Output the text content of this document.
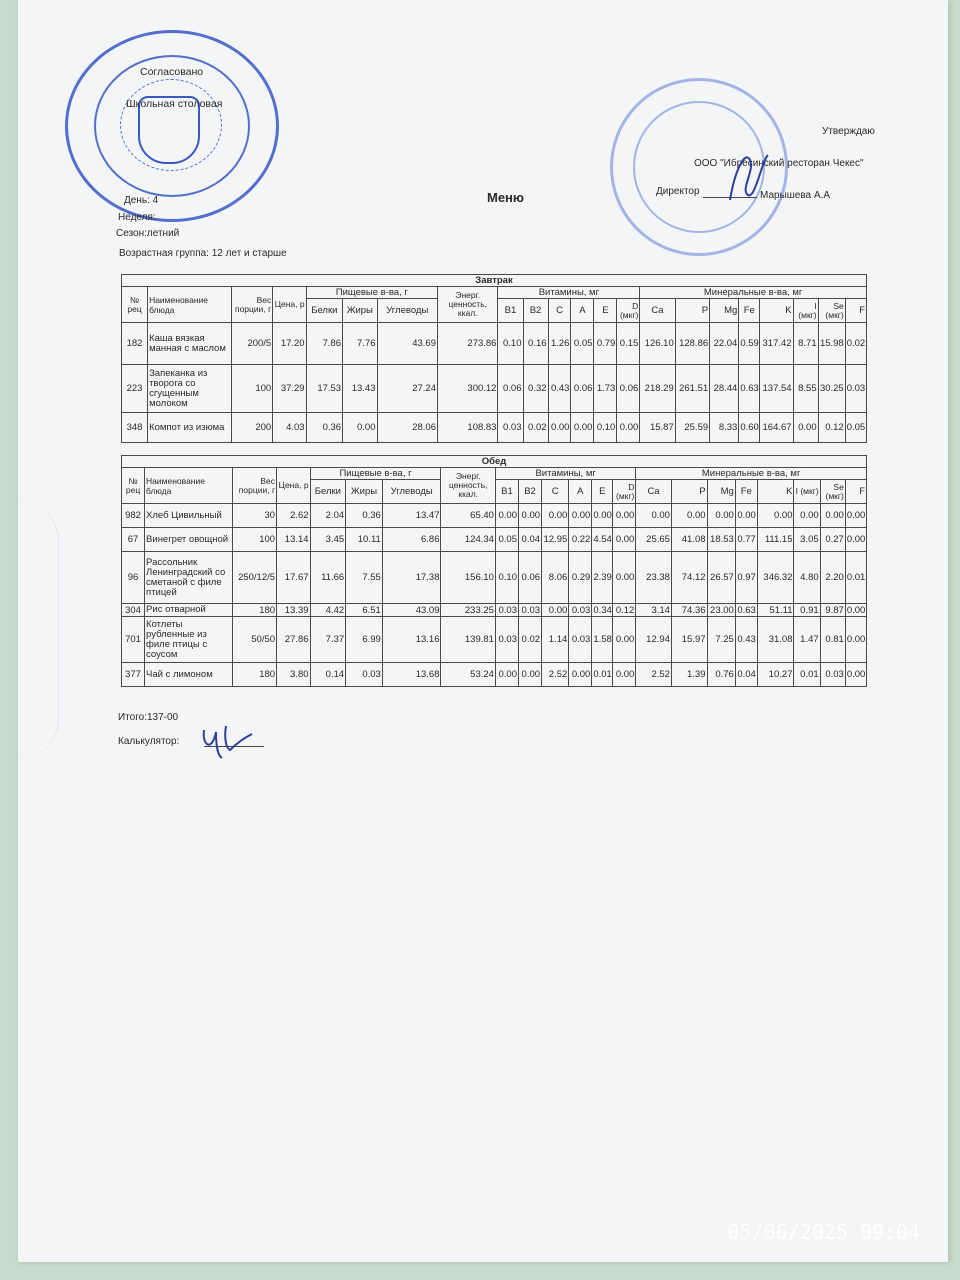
Согласовано
Школьная столовая
День: 4
Неделя:
Сезон:летний
Возрастная группа: 12 лет и старше
Утверждаю
ООО "Ибресинский ресторан Чекес"
Директор	Марышева А.А
Меню
Завтрак																					
№ рец	Наименование блюда	Вес порции, г	Цена, р	Пищевые в-ва, г			Энерг. ценность, ккал.	Витамины, мг						Минеральные в-ва, мг							
				Белки	Жиры	Углеводы		B1	B2	C	A	E	D (мкг)	Ca	P	Mg	Fe	K	I (мкг)	Se (мкг)	F
182	Каша вязкая манная с маслом	200/5	17.20	7.86	7.76	43.69	273.86	0.10	0.16	1.26	0.05	0.79	0.15	126.10	128.86	22.04	0.59	317.42	8.71	15.98	0.02
223	Запеканка из творога со сгущенным молоком	100	37.29	17.53	13.43	27.24	300.12	0.06	0.32	0.43	0.06	1.73	0.06	218.29	261.51	28.44	0.63	137.54	8.55	30.25	0.03
348	Компот из изюма	200	4.03	0.36	0.00	28.06	108.83	0.03	0.02	0.00	0.00	0.10	0.00	15.87	25.59	8.33	0.60	164.67	0.00	0.12	0.05
Обед																					
№ рец	Наименование блюда	Вес порции, г	Цена, р	Пищевые в-ва, г			Энерг. ценность, ккал.	Витамины, мг						Минеральные в-ва, мг							
				Белки	Жиры	Углеводы		B1	B2	C	A	E	D (мкг)	Ca	P	Mg	Fe	K	I (мкг)	Se (мкг)	F
982	Хлеб Цивильный	30	2.62	2.04	0.36	13.47	65.40	0.00	0.00	0.00	0.00	0.00	0.00	0.00	0.00	0.00	0.00	0.00	0.00	0.00	0.00
67	Винегрет овощной	100	13.14	3.45	10.11	6.86	124.34	0.05	0.04	12.95	0.22	4.54	0.00	25.65	41.08	18.53	0.77	111.15	3.05	0.27	0.00
96	Рассольник Ленинградский со сметаной с филе птицей	250/12/5	17.67	11.66	7.55	17.38	156.10	0.10	0.06	8.06	0.29	2.39	0.00	23.38	74.12	26.57	0.97	346.32	4.80	2.20	0.01
304	Рис отварной	180	13.39	4.42	6.51	43.09	233.25	0.03	0.03	0.00	0.03	0.34	0.12	3.14	74.36	23.00	0.63	51.11	0.91	9.87	0.00
701	Котлеты рубленные из филе птицы с соусом	50/50	27.86	7.37	6.99	13.16	139.81	0.03	0.02	1.14	0.03	1.58	0.00	12.94	15.97	7.25	0.43	31.08	1.47	0.81	0.00
377	Чай с лимоном	180	3.80	0.14	0.03	13.68	53.24	0.00	0.00	2.52	0.00	0.01	0.00	2.52	1.39	0.76	0.04	10.27	0.01	0.03	0.00
Итого:137-00
Калькулятор:
05/06/2025 09:04
